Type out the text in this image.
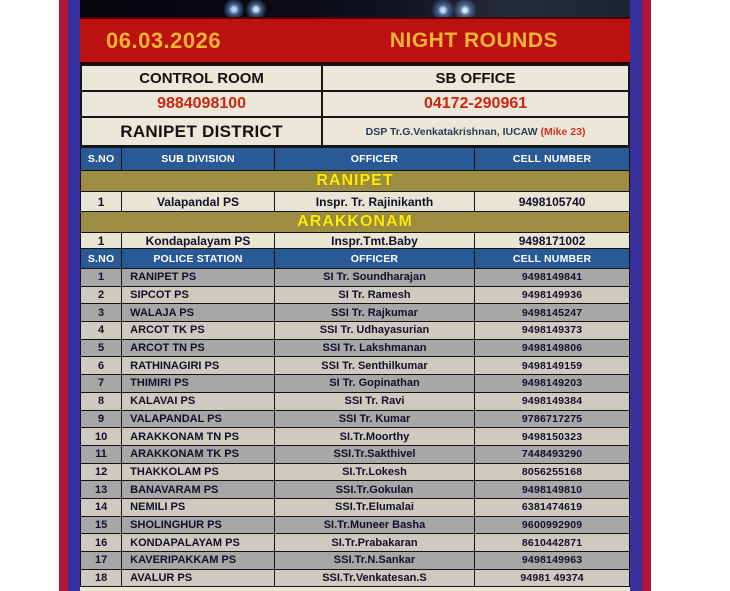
06.03.2026	NIGHT ROUNDS
CONTROL ROOM	SB OFFICE
9884098100	04172-290961
RANIPET DISTRICT	DSP Tr.G.Venkatakrishnan, IUCAW (Mike 23)
S.NO	SUB DIVISION	OFFICER	CELL NUMBER
RANIPET			
1	Valapandal PS	Inspr. Tr. Rajinikanth	9498105740
ARAKKONAM			
1	Kondapalayam PS	Inspr.Tmt.Baby	9498171002
S.NO	POLICE STATION	OFFICER	CELL NUMBER
1	RANIPET PS	SI Tr. Soundharajan	9498149841
2	SIPCOT PS	SI Tr. Ramesh	9498149936
3	WALAJA PS	SSI Tr. Rajkumar	9498145247
4	ARCOT TK PS	SSI Tr. Udhayasurian	9498149373
5	ARCOT TN PS	SSI Tr. Lakshmanan	9498149806
6	RATHINAGIRI PS	SSI Tr. Senthilkumar	9498149159
7	THIMIRI PS	SI Tr. Gopinathan	9498149203
8	KALAVAI PS	SSI Tr. Ravi	9498149384
9	VALAPANDAL PS	SSI Tr. Kumar	9786717275
10	ARAKKONAM TN PS	SI.Tr.Moorthy	9498150323
11	ARAKKONAM TK PS	SSI.Tr.Sakthivel	7448493290
12	THAKKOLAM PS	SI.Tr.Lokesh	8056255168
13	BANAVARAM PS	SSI.Tr.Gokulan	9498149810
14	NEMILI PS	SSI.Tr.Elumalai	6381474619
15	SHOLINGHUR PS	SI.Tr.Muneer Basha	9600992909
16	KONDAPALAYAM PS	SI.Tr.Prabakaran	8610442871
17	KAVERIPAKKAM PS	SSI.Tr.N.Sankar	9498149963
18	AVALUR PS	SSI.Tr.Venkatesan.S	94981 49374
